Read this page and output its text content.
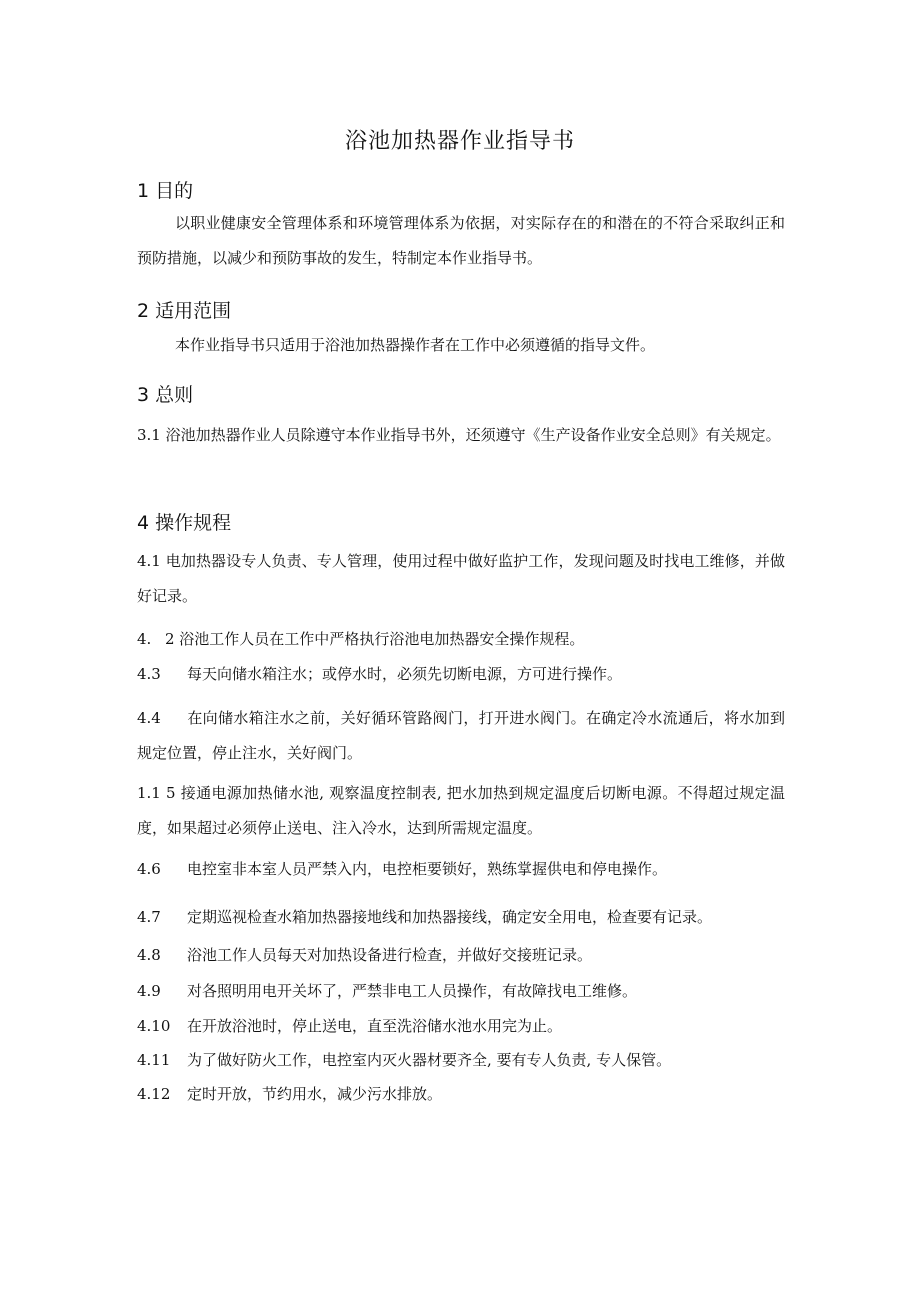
浴池加热器作业指导书
1 目的
以职业健康安全管理体系和环境管理体系为依据，对实际存在的和潜在的不符合采取纠正和预防措施，以减少和预防事故的发生，特制定本作业指导书。
2 适用范围
本作业指导书只适用于浴池加热器操作者在工作中必须遵循的指导文件。
3 总则
3.1 浴池加热器作业人员除遵守本作业指导书外，还须遵守《生产设备作业安全总则》有关规定。
4 操作规程
4.1 电加热器设专人负责、专人管理，使用过程中做好监护工作，发现问题及时找电工维修，并做好记录。
4. 2 浴池工作人员在工作中严格执行浴池电加热器安全操作规程。
4.3 每天向储水箱注水；或停水时，必须先切断电源，方可进行操作。
4.4 在向储水箱注水之前，关好循环管路阀门，打开进水阀门。在确定冷水流通后，将水加到规定位置，停止注水，关好阀门。
1.1 5 接通电源加热储水池, 观察温度控制表, 把水加热到规定温度后切断电源。不得超过规定温度，如果超过必须停止送电、注入冷水，达到所需规定温度。
4.6 电控室非本室人员严禁入内，电控柜要锁好，熟练掌握供电和停电操作。
4.7 定期巡视检查水箱加热器接地线和加热器接线，确定安全用电，检查要有记录。
4.8 浴池工作人员每天对加热设备进行检查，并做好交接班记录。
4.9 对各照明用电开关坏了，严禁非电工人员操作，有故障找电工维修。
4.10 在开放浴池时，停止送电，直至洗浴储水池水用完为止。
4.11 为了做好防火工作，电控室内灭火器材要齐全, 要有专人负责, 专人保管。
4.12 定时开放，节约用水，减少污水排放。
